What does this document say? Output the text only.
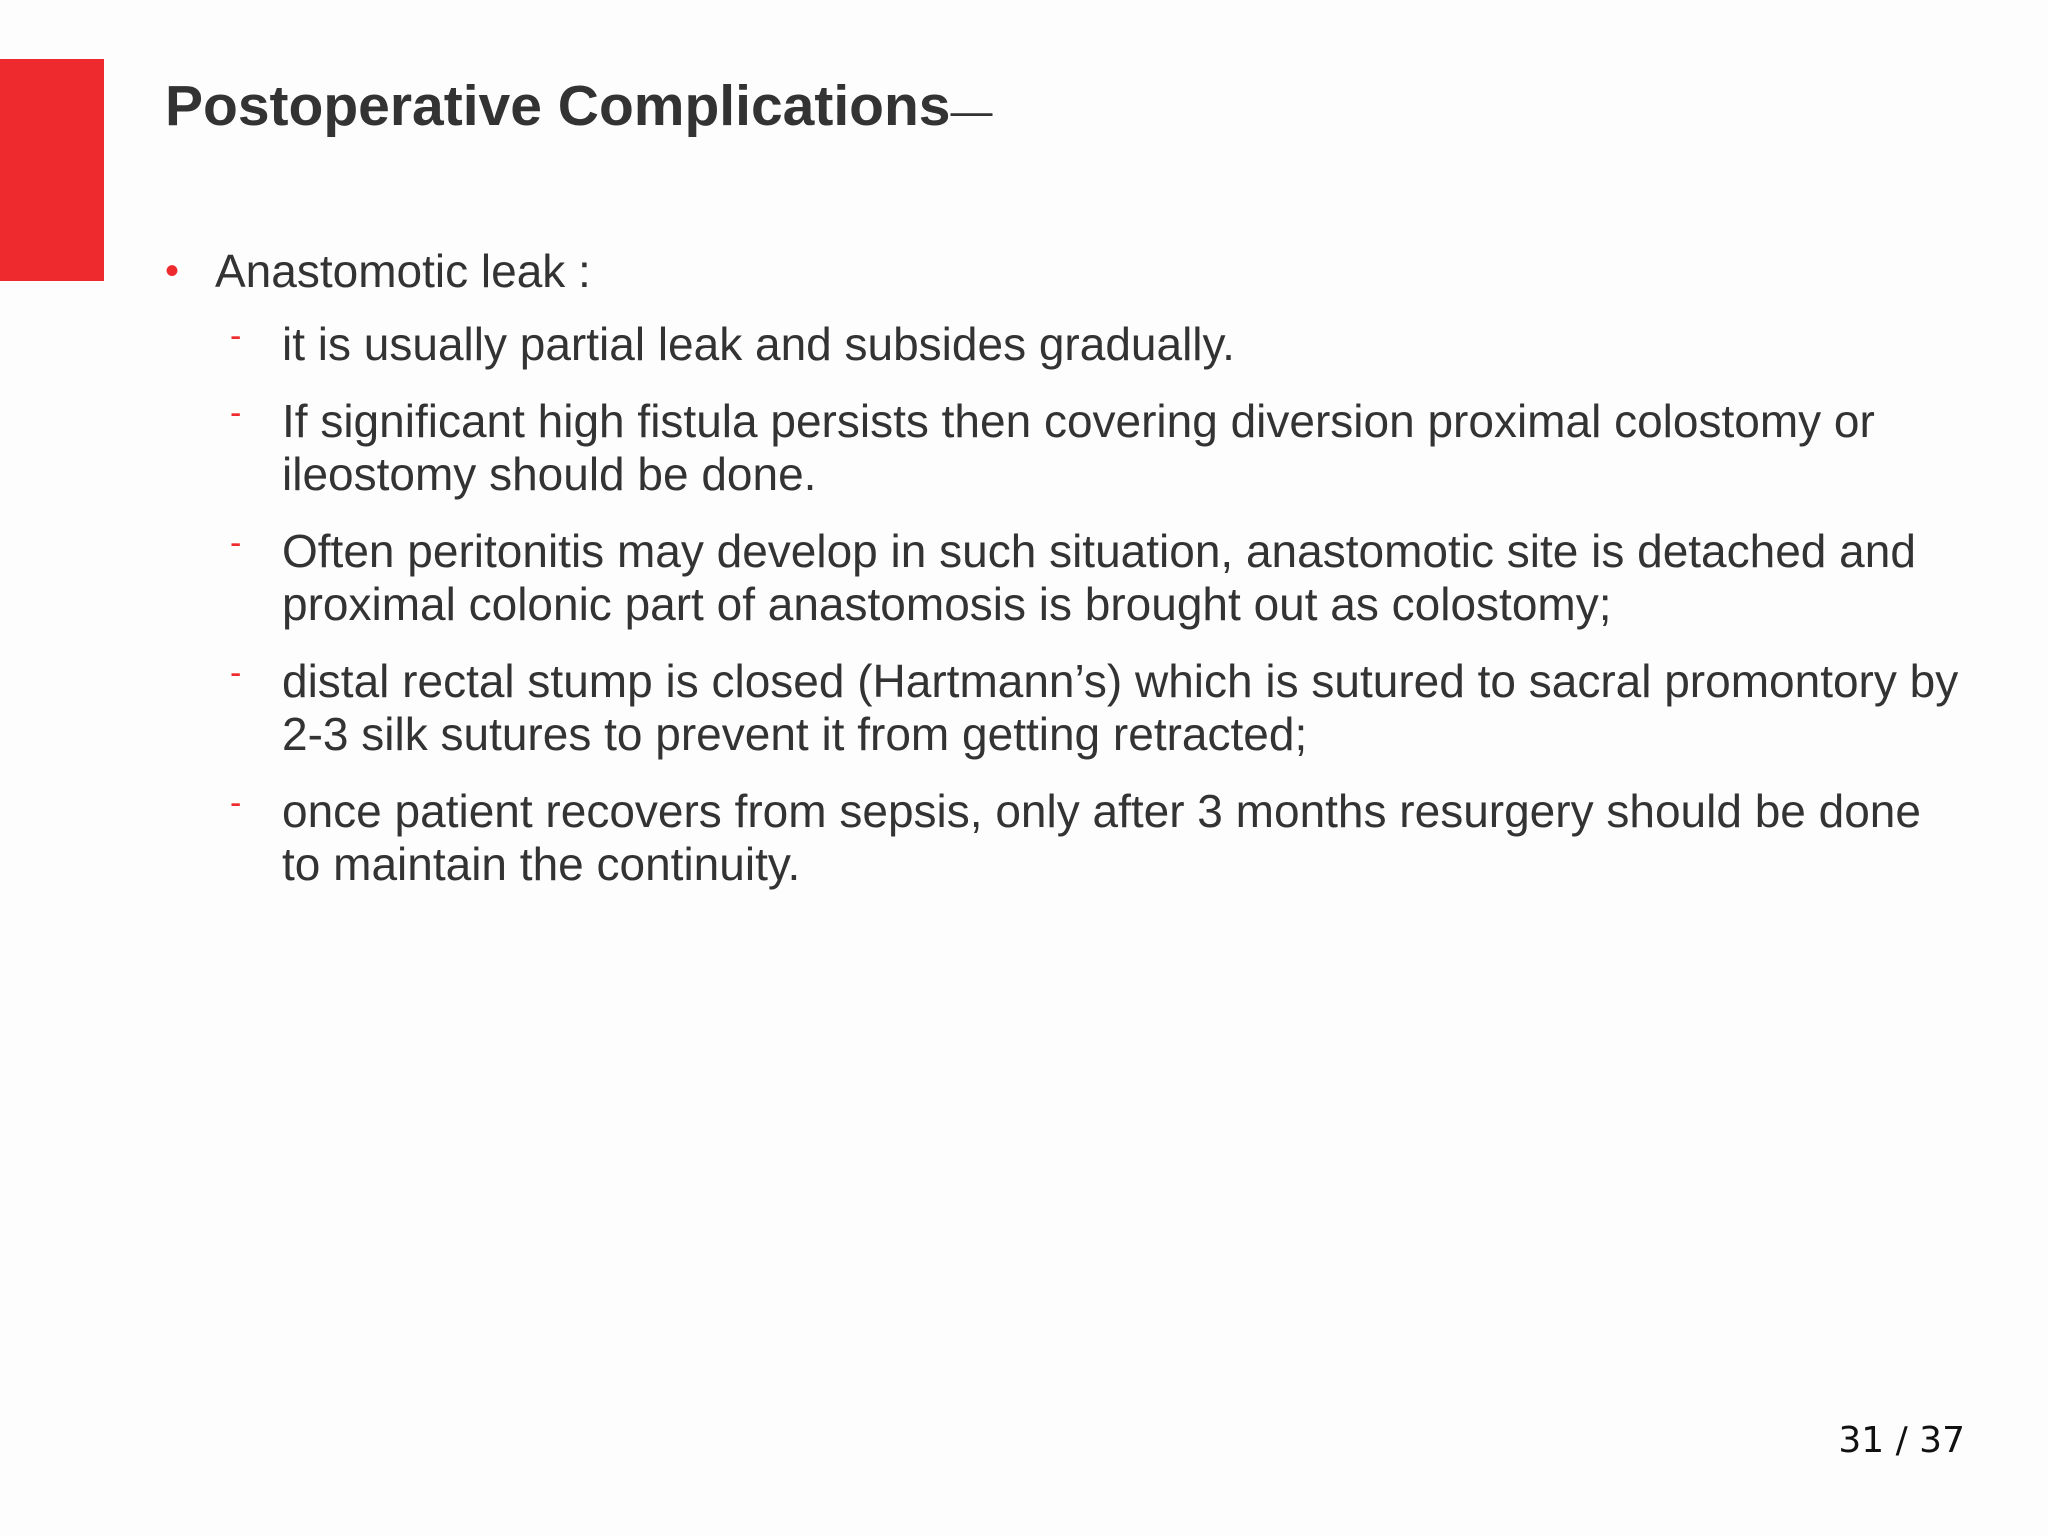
Postoperative Complications—
• Anastomotic leak :
- it is usually partial leak and subsides gradually.
- If significant high fistula persists then covering diversion proximal colostomy or ileostomy should be done.
- Often peritonitis may develop in such situation, anastomotic site is detached and proximal colonic part of anastomosis is brought out as colostomy;
- distal rectal stump is closed (Hartmann’s) which is sutured to sacral promontory by 2-3 silk sutures to prevent it from getting retracted;
- once patient recovers from sepsis, only after 3 months resurgery should be done to maintain the continuity.
31 / 37
